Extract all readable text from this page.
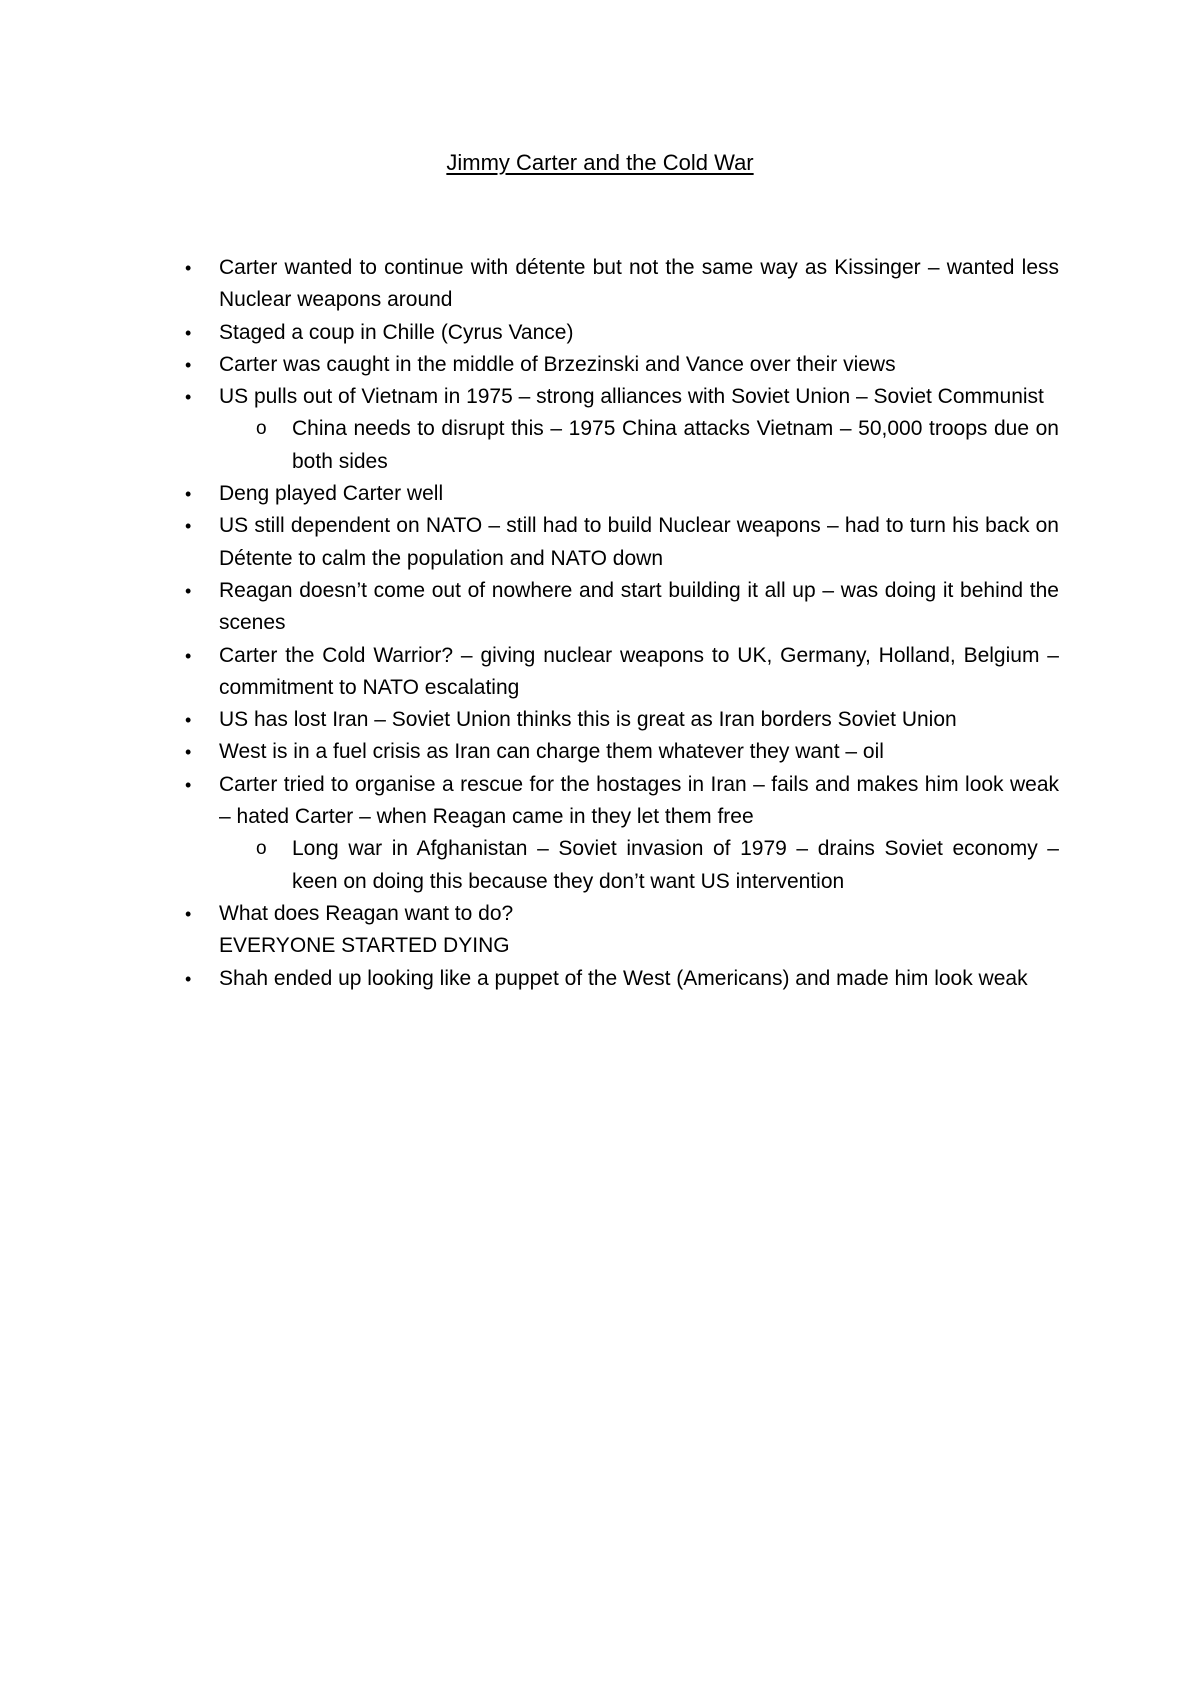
Jimmy Carter and the Cold War
• Carter wanted to continue with détente but not the same way as Kissinger – wanted less Nuclear weapons around
• Staged a coup in Chille (Cyrus Vance)
• Carter was caught in the middle of Brzezinski and Vance over their views
• US pulls out of Vietnam in 1975 – strong alliances with Soviet Union – Soviet Communist
o China needs to disrupt this – 1975 China attacks Vietnam – 50,000 troops due on both sides
• Deng played Carter well
• US still dependent on NATO – still had to build Nuclear weapons – had to turn his back on Détente to calm the population and NATO down
• Reagan doesn’t come out of nowhere and start building it all up – was doing it behind the scenes
• Carter the Cold Warrior? – giving nuclear weapons to UK, Germany, Holland, Belgium – commitment to NATO escalating
• US has lost Iran – Soviet Union thinks this is great as Iran borders Soviet Union
• West is in a fuel crisis as Iran can charge them whatever they want – oil
• Carter tried to organise a rescue for the hostages in Iran – fails and makes him look weak – hated Carter – when Reagan came in they let them free
o Long war in Afghanistan – Soviet invasion of 1979 – drains Soviet economy – keen on doing this because they don’t want US intervention
• What does Reagan want to do?
EVERYONE STARTED DYING
• Shah ended up looking like a puppet of the West (Americans) and made him look weak
